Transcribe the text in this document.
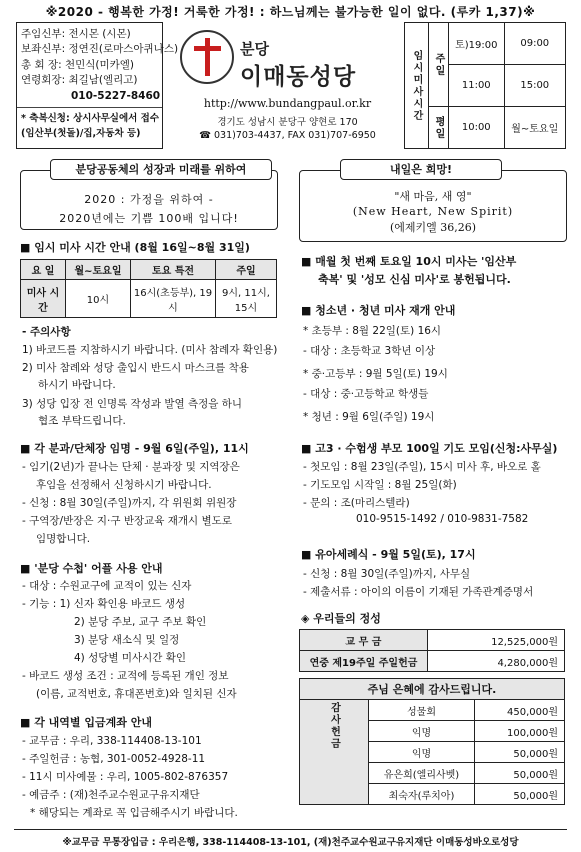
※2020 - 행복한 가정! 거룩한 가정! : 하느님께는 불가능한 일이 없다. (루카 1,37)※
주임신부: 전시몬 (시몬)
보좌신부: 정연진(로마스아퀴나스)
총 회 장: 천민식(미카엘)
연령회장: 최길남(엘리고)
010-5227-8460
* 축복신청: 상시사무실에서 접수
(임산부(첫돌)/집,자동차 등)
분당
이매동성당
http://www.bundangpaul.or.kr
경기도 성남시 분당구 양현로 170
☎ 031)703-4437, FAX 031)707-6950
임시미사시간	주일	토)19:00	09:00
		11:00	15:00
	평일	10:00	월~토요일
분당공동체의 성장과 미래를 위하여
2020 : 가정을 위하여 -
2020년에는 기쁨 100배 입니다!
■ 임시 미사 시간 안내 (8월 16일~8월 31일)
요 일	월~토요일	토요 특전	주일
미사 시간	10시	16시(초등부), 19시	9시, 11시, 15시
- 주의사항
1) 바코드를 지참하시기 바랍니다. (미사 참례자 확인용)
2) 미사 참례와 성당 출입시 반드시 마스크를 착용
하시기 바랍니다.
3) 성당 입장 전 인명록 작성과 발열 측정을 하니
협조 부탁드립니다.
■ 각 분과/단체장 임명 - 9월 6일(주일), 11시
- 임기(2년)가 끝나는 단체 · 분과장 및 지역장은
후임을 선정해서 신청하시기 바랍니다.
- 신청 : 8월 30일(주일)까지, 각 위원회 위원장
- 구역장/반장은 지·구 반장교육 재개시 별도로
임명합니다.
■ '분당 수첩' 어플 사용 안내
- 대상 : 수원교구에 교적이 있는 신자
- 기능 : 1) 신자 확인용 바코드 생성
2) 분당 주보, 교구 주보 확인
3) 분당 새소식 및 일정
4) 성당별 미사시간 확인
- 바코드 생성 조건 : 교적에 등록된 개인 정보
(이름, 교적번호, 휴대폰번호)와 일치된 신자
■ 각 내역별 입금계좌 안내
- 교무금 : 우리, 338-114408-13-101
- 주일헌금 : 농협, 301-0052-4928-11
- 11시 미사예물 : 우리, 1005-802-876357
- 예금주 : (재)천주교수원교구유지재단
* 해당되는 계좌로 꼭 입금해주시기 바랍니다.
내일은 희망!
"새 마음, 새 영"
(New Heart, New Spirit)
(에제키엘 36,26)
■ 매월 첫 번째 토요일 10시 미사는 '임산부
축복' 및 '성모 신심 미사'로 봉헌됩니다.
■ 청소년 · 청년 미사 재개 안내
* 초등부 : 8월 22일(토) 16시
- 대상 : 초등학교 3학년 이상
* 중·고등부 : 9월 5일(토) 19시
- 대상 : 중·고등학교 학생들
* 청년 : 9월 6일(주일) 19시
■ 고3 · 수험생 부모 100일 기도 모임(신청:사무실)
- 첫모임 : 8월 23일(주일), 15시 미사 후, 바오로 홀
- 기도모임 시작일 : 8월 25일(화)
- 문의 : 조(마리스텔라)
010-9515-1492 / 010-9831-7582
■ 유아세례식 - 9월 5일(토), 17시
- 신청 : 8월 30일(주일)까지, 사무실
- 제출서류 : 아이의 이름이 기재된 가족관계증명서
◈ 우리들의 정성
교 무 금	12,525,000원
연중 제19주일 주일헌금	4,280,000원
주님 은혜에 감사드립니다.		
감사헌금	성물회	450,000원
	익명	100,000원
	익명	50,000원
	유은희(엘리사벳)	50,000원
	최숙자(루치아)	50,000원
※교무금 무통장입금 : 우리은행, 338-114408-13-101, (재)천주교수원교구유지재단 이매동성바오로성당
